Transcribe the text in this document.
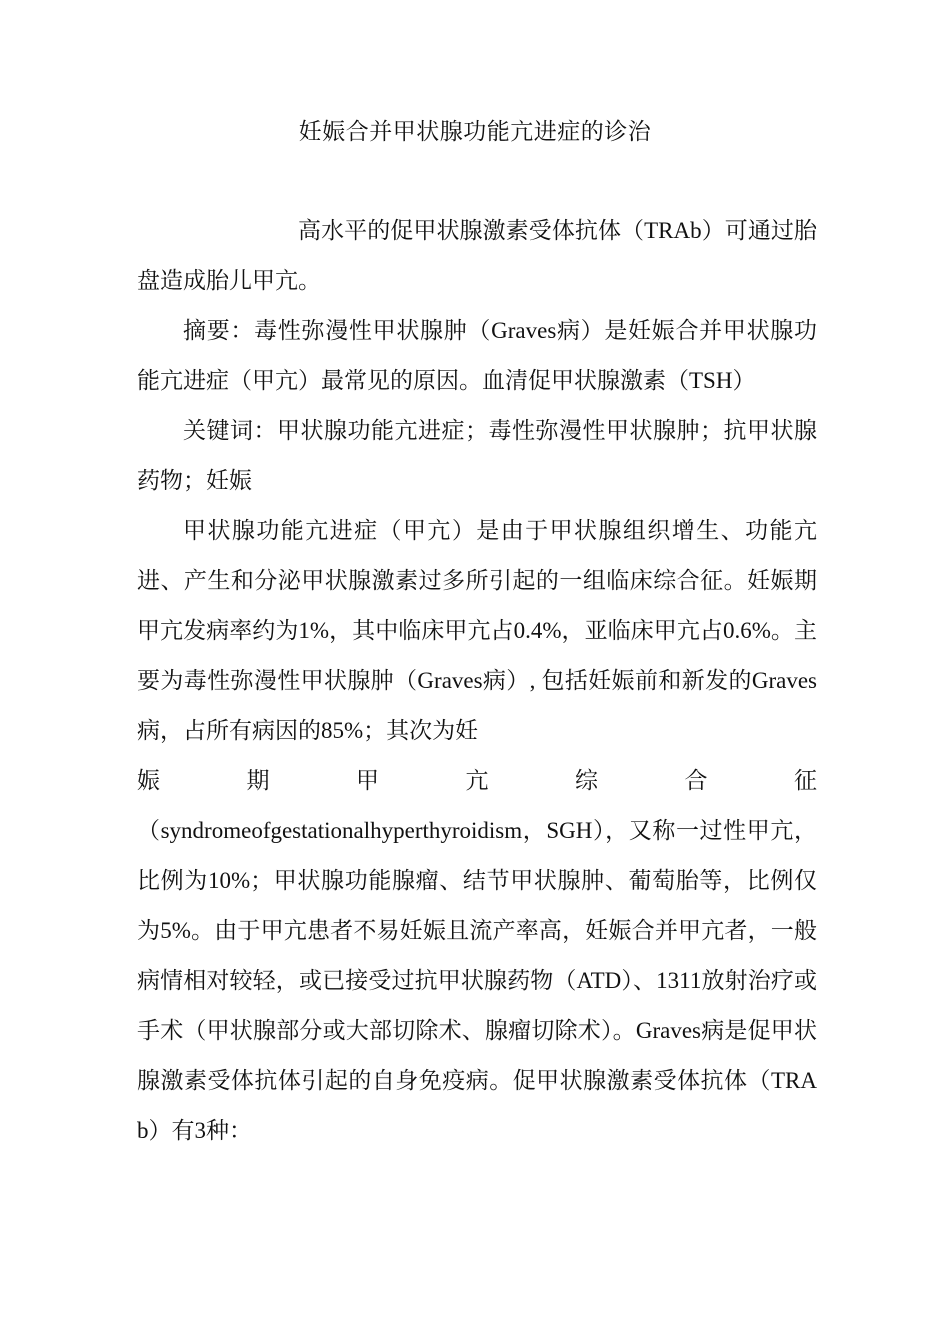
妊娠合并甲状腺功能亢进症的诊治

高水平的促甲状腺激素受体抗体（TRAb）可通过胎盘造成胎儿甲亢。

摘要：毒性弥漫性甲状腺肿（Graves病）是妊娠合并甲状腺功能亢进症（甲亢）最常见的原因。血清促甲状腺激素（TSH）

关键词：甲状腺功能亢进症；毒性弥漫性甲状腺肿；抗甲状腺药物；妊娠

甲状腺功能亢进症（甲亢）是由于甲状腺组织增生、功能亢进、产生和分泌甲状腺激素过多所引起的一组临床综合征。妊娠期甲亢发病率约为1%，其中临床甲亢占0.4%，亚临床甲亢占0.6%。主要为毒性弥漫性甲状腺肿（Graves病）, 包括妊娠前和新发的Graves病，占所有病因的85%；其次为妊
娠 期 甲 亢 综 合 征
（syndromeofgestationalhyperthyroidism，SGH），又称一过性甲亢，比例为10%；甲状腺功能腺瘤、结节甲状腺肿、葡萄胎等，比例仅为5%。由于甲亢患者不易妊娠且流产率高，妊娠合并甲亢者，一般病情相对较轻，或已接受过抗甲状腺药物（ATD）、1311放射治疗或手术（甲状腺部分或大部切除术、腺瘤切除术）。Graves病是促甲状腺激素受体抗体引起的自身免疫病。促甲状腺激素受体抗体（TRAb）有3种：
